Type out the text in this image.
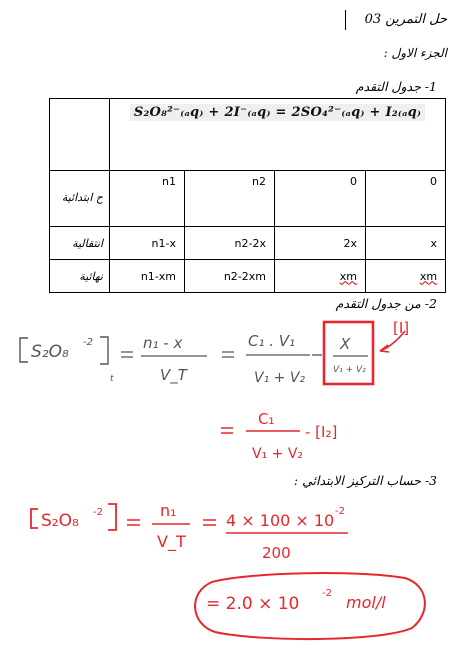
حل التمرين 03
الجزء الاول :
1- جدول التقدم
	S₂O₈²⁻₍ₐq₎ + 2I⁻₍ₐq₎ = 2SO₄²⁻₍ₐq₎ + I₂₍ₐq₎			
ح ابتدائية	n1	n2	0	0
انتقالية	n1-x	n2-2x	2x	x
نهائية	n1-xm	n2-2xm	xm	xm
2- من جدول التقدم
S₂O₈ -2
t
n₁ - x
V_T
C₁ . V₁
V₁ + V₂
X
V₁ + V₂
[I]
C₁
V₁ + V₂
- [I₂]
S₂O₈ -2	n₁
V_T
4 × 100 × 10 -2
200
= 2.0 × 10
-2 mol/l
3- حساب التركيز الابتدائي :
